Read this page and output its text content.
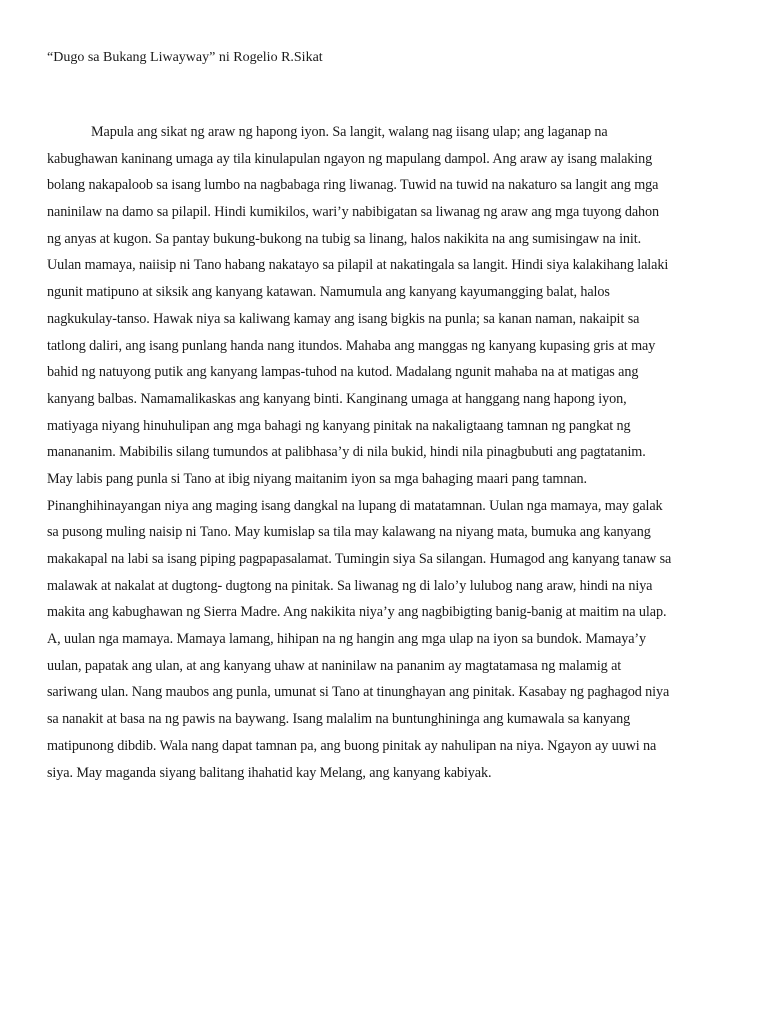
“Dugo sa Bukang Liwayway” ni Rogelio R.Sikat
Mapula ang sikat ng araw ng hapong iyon. Sa langit, walang nag iisang ulap; ang laganap na
kabughawan kaninang umaga ay tila kinulapulan ngayon ng mapulang dampol. Ang araw ay isang malaking
bolang nakapaloob sa isang lumbo na nagbabaga ring liwanag. Tuwid na tuwid na nakaturo sa langit ang mga
naninilaw na damo sa pilapil. Hindi kumikilos, wari’y nabibigatan sa liwanag ng araw ang mga tuyong dahon
ng anyas at kugon. Sa pantay bukung-bukong na tubig sa linang, halos nakikita na ang sumisingaw na init.
Uulan mamaya, naiisip ni Tano habang nakatayo sa pilapil at nakatingala sa langit. Hindi siya kalakihang lalaki
ngunit matipuno at siksik ang kanyang katawan. Namumula ang kanyang kayumangging balat, halos
nagkukulay-tanso. Hawak niya sa kaliwang kamay ang isang bigkis na punla; sa kanan naman, nakaipit sa
tatlong daliri, ang isang punlang handa nang itundos. Mahaba ang manggas ng kanyang kupasing gris at may
bahid ng natuyong putik ang kanyang lampas-tuhod na kutod. Madalang ngunit mahaba na at matigas ang
kanyang balbas. Namamalikaskas ang kanyang binti. Kanginang umaga at hanggang nang hapong iyon,
matiyaga niyang hinuhulipan ang mga bahagi ng kanyang pinitak na nakaligtaang tamnan ng pangkat ng
manananim. Mabibilis silang tumundos at palibhasa’y di nila bukid, hindi nila pinagbubuti ang pagtatanim.
May labis pang punla si Tano at ibig niyang maitanim iyon sa mga bahaging maari pang tamnan.
Pinanghihinayangan niya ang maging isang dangkal na lupang di matatamnan. Uulan nga mamaya, may galak
sa pusong muling naisip ni Tano. May kumislap sa tila may kalawang na niyang mata, bumuka ang kanyang
makakapal na labi sa isang piping pagpapasalamat. Tumingin siya Sa silangan. Humagod ang kanyang tanaw sa
malawak at nakalat at dugtong- dugtong na pinitak. Sa liwanag ng di lalo’y lulubog nang araw, hindi na niya
makita ang kabughawan ng Sierra Madre. Ang nakikita niya’y ang nagbibigting banig-banig at maitim na ulap.
A, uulan nga mamaya. Mamaya lamang, hihipan na ng hangin ang mga ulap na iyon sa bundok. Mamaya’y
uulan, papatak ang ulan, at ang kanyang uhaw at naninilaw na pananim ay magtatamasa ng malamig at
sariwang ulan. Nang maubos ang punla, umunat si Tano at tinunghayan ang pinitak. Kasabay ng paghagod niya
sa nanakit at basa na ng pawis na baywang. Isang malalim na buntunghininga ang kumawala sa kanyang
matipunong dibdib. Wala nang dapat tamnan pa, ang buong pinitak ay nahulipan na niya. Ngayon ay uuwi na
siya. May maganda siyang balitang ihahatid kay Melang, ang kanyang kabiyak.
